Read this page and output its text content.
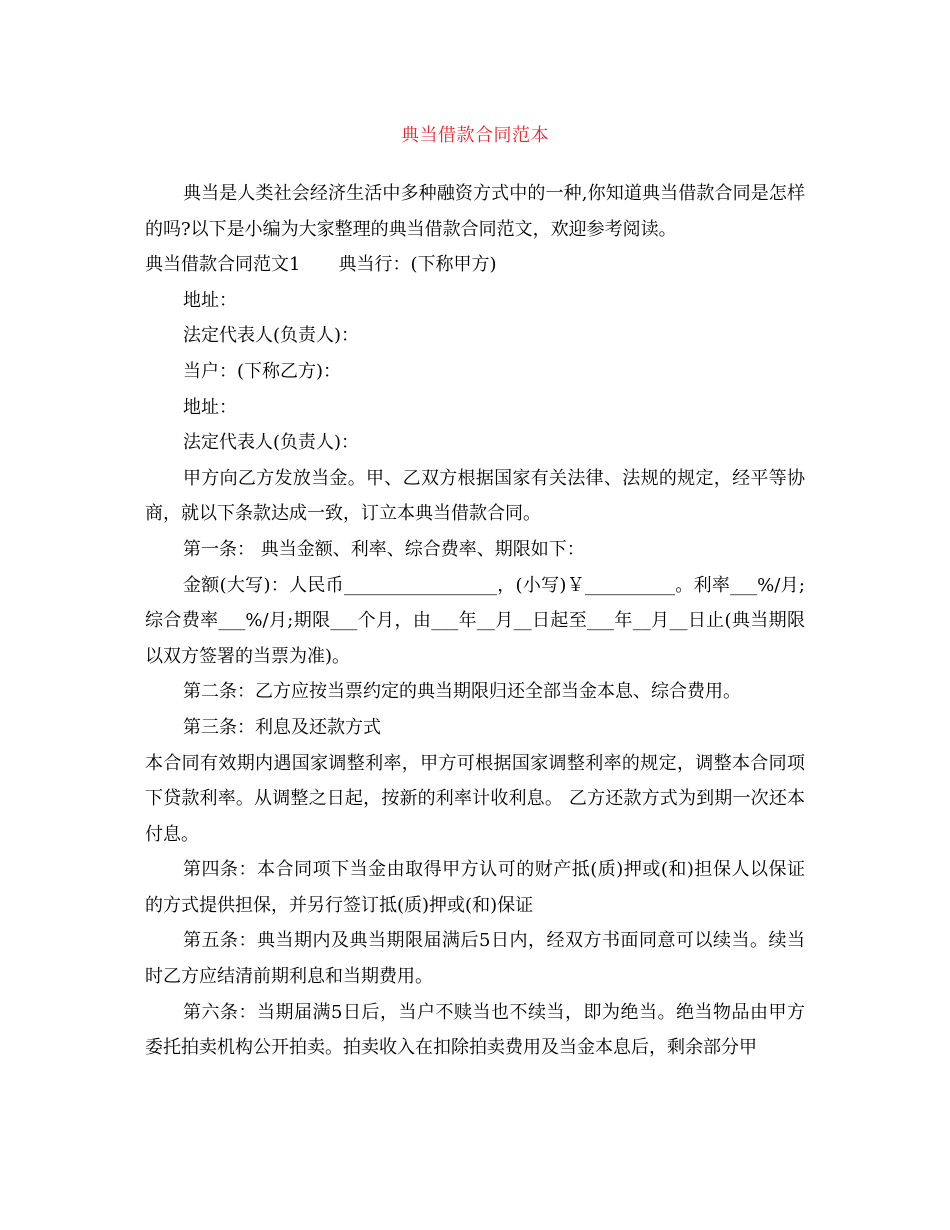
典当借款合同范本

典当是人类社会经济生活中多种融资方式中的一种,你知道典当借款合同是怎样的吗?以下是小编为大家整理的典当借款合同范文，欢迎参考阅读。

典当借款合同范文1 典当行：(下称甲方)

地址：

法定代表人(负责人)：

当户：(下称乙方)：

地址：

法定代表人(负责人)：

甲方向乙方发放当金。甲、乙双方根据国家有关法律、法规的规定，经平等协商，就以下条款达成一致，订立本典当借款合同。

第一条： 典当金额、利率、综合费率、期限如下：

金额(大写)：人民币_________________，(小写)￥__________。利率___%/月;综合费率___%/月;期限___个月，由___年__月__日起至___年__月__日止(典当期限以双方签署的当票为准)。

第二条：乙方应按当票约定的典当期限归还全部当金本息、综合费用。

第三条：利息及还款方式

本合同有效期内遇国家调整利率，甲方可根据国家调整利率的规定，调整本合同项下贷款利率。从调整之日起，按新的利率计收利息。 乙方还款方式为到期一次还本付息。

第四条：本合同项下当金由取得甲方认可的财产抵(质)押或(和)担保人以保证的方式提供担保，并另行签订抵(质)押或(和)保证

第五条：典当期内及典当期限届满后5日内，经双方书面同意可以续当。续当时乙方应结清前期利息和当期费用。

第六条：当期届满5日后，当户不赎当也不续当，即为绝当。绝当物品由甲方委托拍卖机构公开拍卖。拍卖收入在扣除拍卖费用及当金本息后，剩余部分甲
